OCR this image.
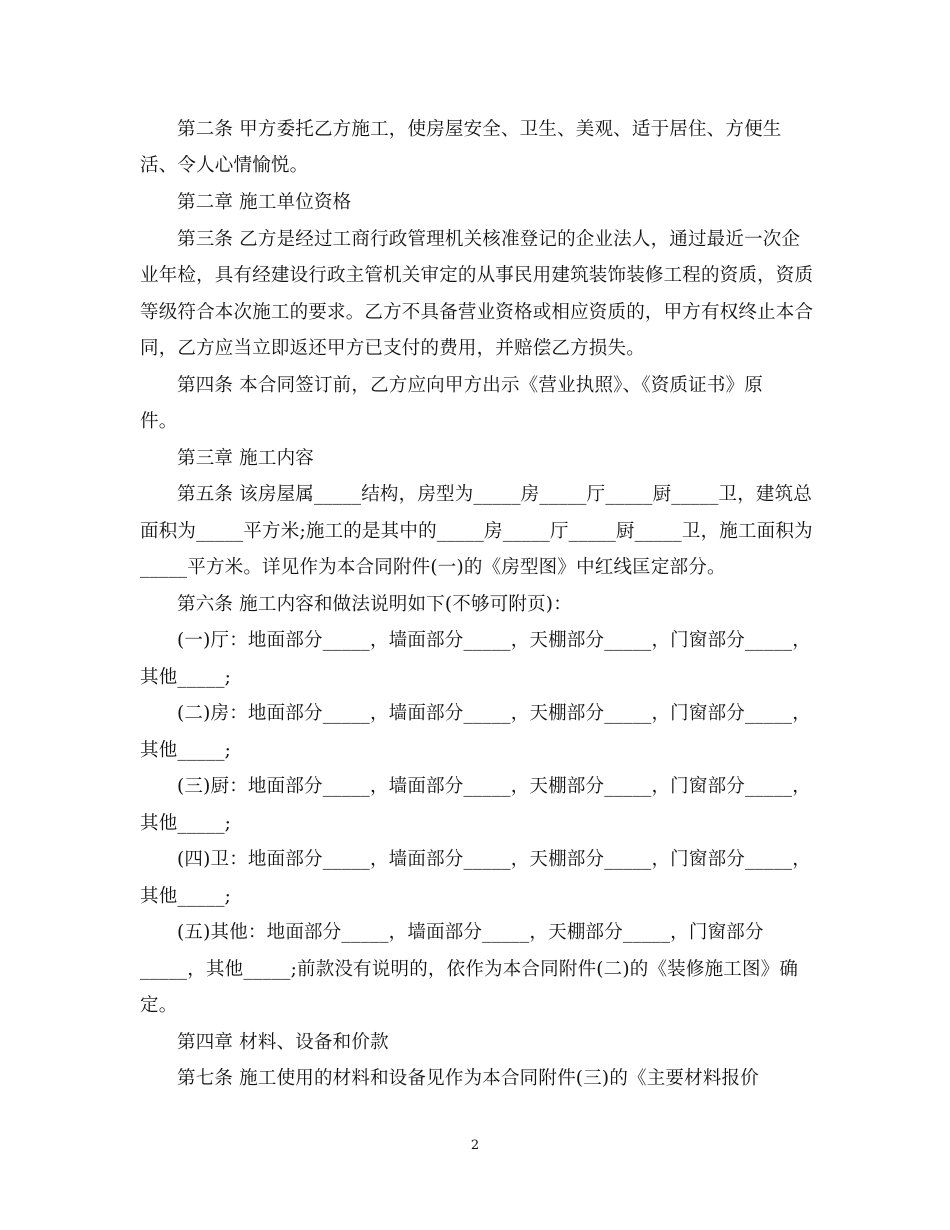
第二条 甲方委托乙方施工，使房屋安全、卫生、美观、适于居住、方便生
活、令人心情愉悦。
第二章 施工单位资格
第三条 乙方是经过工商行政管理机关核准登记的企业法人，通过最近一次企
业年检，具有经建设行政主管机关审定的从事民用建筑装饰装修工程的资质，资质
等级符合本次施工的要求。乙方不具备营业资格或相应资质的，甲方有权终止本合
同，乙方应当立即返还甲方已支付的费用，并赔偿乙方损失。
第四条 本合同签订前，乙方应向甲方出示《营业执照》、《资质证书》原
件。
第三章 施工内容
第五条 该房屋属_____结构，房型为_____房_____厅_____厨_____卫，建筑总
面积为_____平方米;施工的是其中的_____房_____厅_____厨_____卫，施工面积为
_____平方米。详见作为本合同附件(一)的《房型图》中红线匡定部分。
第六条 施工内容和做法说明如下(不够可附页)：
(一)厅：地面部分_____，墙面部分_____，天棚部分_____，门窗部分_____，
其他_____;
(二)房：地面部分_____，墙面部分_____，天棚部分_____，门窗部分_____，
其他_____;
(三)厨：地面部分_____，墙面部分_____，天棚部分_____，门窗部分_____，
其他_____;
(四)卫：地面部分_____，墙面部分_____，天棚部分_____，门窗部分_____，
其他_____;
(五)其他：地面部分_____，墙面部分_____，天棚部分_____，门窗部分
_____，其他_____;前款没有说明的，依作为本合同附件(二)的《装修施工图》确
定。
第四章 材料、设备和价款
第七条 施工使用的材料和设备见作为本合同附件(三)的《主要材料报价
2
